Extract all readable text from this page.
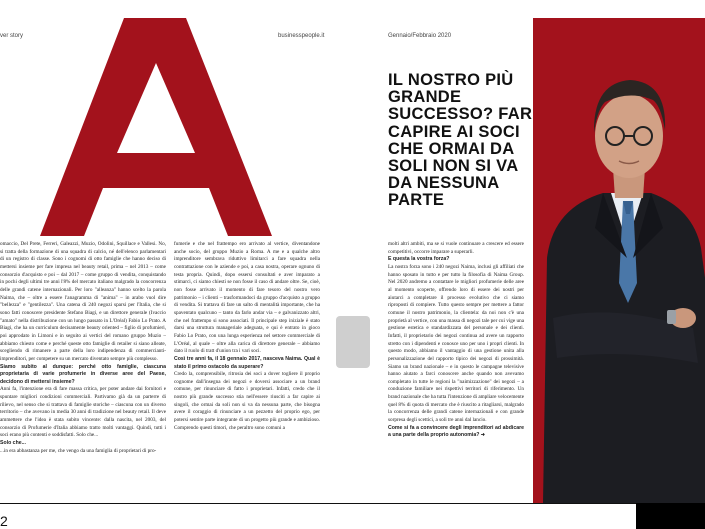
ver story	businesspeople.it	Gennaio/Febbraio 2020

omaccio, Del Prete, Ferreri, Galeazzi, Muzio, Odolini, Squillace e Vallesi. No, si tratta della formazione di una squadra di calcio, né dell'elenco parlamentari di un registro di classe. Sono i cognomi di otto famiglie che hanno deciso di mettersi insieme per fare impresa nel beauty retail, prima – nel 2013 – come consorzio d'acquisto e poi – dal 2017 – come gruppo di vendita, conquistando in pochi degli ultimi tre anni l'8% del mercato italiano malgrado la concorrenza delle grandi catene internazionali. Per loro "alleanza" hanno scelto la parola Naima, che – oltre a essere l'anagramma di "anima" – in arabo vuol dire "bellezza" e "gentilezza". Una catena di 240 negozi sparsi per l'Italia, che si sono fatti conoscere presidente Stefano Biagi, e un direttore generale (Ivaccio "amato" nella distribuzione con un lungo passato in L'Oréal) Fabio Lo Prato. A Biagi, che ha un curriculum decisamente beauty oriented – figlio di profumieri, poi approdato in Limoni e in seguito ai vertici del romano gruppo Muzio – abbiamo chiesto come e perché queste otto famiglie di retailer si siano alleate, scegliendo di rimanere a parte della loro indipendenza di commercianti-imprenditori, per competere su un mercato diventato sempre più complesso.

Siamo subito al dunque: perché otto famiglie, ciascuna proprietaria di varie profumerie in diverse aree del Paese, decidono di mettersi insieme?

Anni fa, l'intenzione era di fare massa critica, per poter andare dai fornitori e spuntare migliori condizioni commerciali. Partivamo già da un parterre di rilievo, nel senso che si trattava di famiglie storiche – ciascuna con un diverso territorio – che avevano in media 30 anni di tradizione nel beauty retail. Il deve ammettere che l'idea è stata subito vincente: dalla nascita, nel 2003, del consorzio di Profumerie d'Italia abbiamo tratto molti vantaggi. Quindi, tutti i soci erano più contenti e soddisfatti. Solo che...

Solo che...

...in era abbastanza per me, che vengo da una famiglia di proprietari di pro-

fumerie e che nel frattempo ero arrivato al vertice, diventandone anche socio, del gruppo Muzio a Roma. A me e a qualche altro imprenditore sembrava riduttivo limitarci a fare squadra nella contrattazione con le aziende e poi, a casa nostra, operare ognuno di testa propria. Quindi, dopo essersi consultati e aver imparato a stimarci, ci siamo chiesti se non fosse il caso di andare oltre. Se, cioè, non fosse arrivato il momento di fare tesoro del nostro vero patrimonio – i clienti – trasformandoci da gruppo d'acquisto a gruppo di vendita. Si trattava di fare un salto di mentalità importante, che ha spaventato qualcuno – tanto da farlo andar via – e galvanizzato altri, che nel frattempo si sono associati. Il principale step iniziale è stato darsi una struttura manageriale adeguata, e qui è entrato in gioco Fabio Lo Prato, con una lunga esperienza nel settore commerciale di L'Oréal, al quale – oltre alla carica di direttore generale – abbiamo dato il ruolo di tratt d'union tra i vari soci.

Così tre anni fa, il 18 gennaio 2017, nasceva Naima. Qual è stato il primo ostacolo da superare?

Credo la, comprensibile, ritrosia dei soci a dover togliere il proprio cognome dall'insegna dei negozi e doversi associare a un brand comune, per rinunciare di fatto i proprietari. Infatti, credo che il nostro più grande successo stia nell'essere riusciti a far capire ai singoli, che ormai da soli non si va da nessuna parte, che bisogna avere il coraggio di rinunciare a un pezzetto del proprio ego, per potersi sentire parte integrante di un progetto più grande e ambizioso. Comprendo questi timori, che peraltro sono comuni a

molti altri ambiti, ma se si vuole continuare a crescere ed essere competitivi, occorre imparare a superarli.

E questa la vostra forza?

La nostra forza sono i 240 negozi Naima, inclusi gli affiliati che hanno sposato in tutto e per tutto la filosofia di Naima Group. Nel 2020 andremo a contattare le migliori profumerie delle aree al momento scoperte, offrendo loro di essere dei nostri per aiutarci a completare il processo evolutivo che ci siamo riproposti di compiere. Tutto questo sempre per mettere a fattor comune il nostro patrimonio, la clientela: da noi non c'è una proprietà al vertice, con una massa di negozi tale per cui vige una gestione estetica e standardizzata del personale e dei clienti. Infatti, il proprietario dei negozi continua ad avere un rapporto stretto con i dipendenti e conosce uno per uno i propri clienti. In questo modo, abbiamo il vantaggio di una gestione unita alla personalizzazione del rapporto tipico dei negozi di prossimità. Siamo un brand nazionale – e in questo le campagne televisive hanno aiutato a farci conoscere anche quando non avevamo completato in tutte le regioni la "naimizzazione" dei negozi – a conduzione familiare nei rispettivi territori di riferimento. Un brand nazionale che ha tutta l'intenzione di ampliare velocemente quel 8% di quota di mercato che è riuscito a ritagliarsi, malgrado la concorrenza delle grandi catene internazionali e con grande sorpresa degli scettici, a soli tre anni dal lancio.

Come si fa a convincere degli imprenditori ad abdicare a una parte della proprio autonomia? ➜

IL NOSTRO PIÙ GRANDE SUCCESSO? FAR CAPIRE AI SOCI CHE ORMAI DA SOLI NON SI VA DA NESSUNA PARTE
2
